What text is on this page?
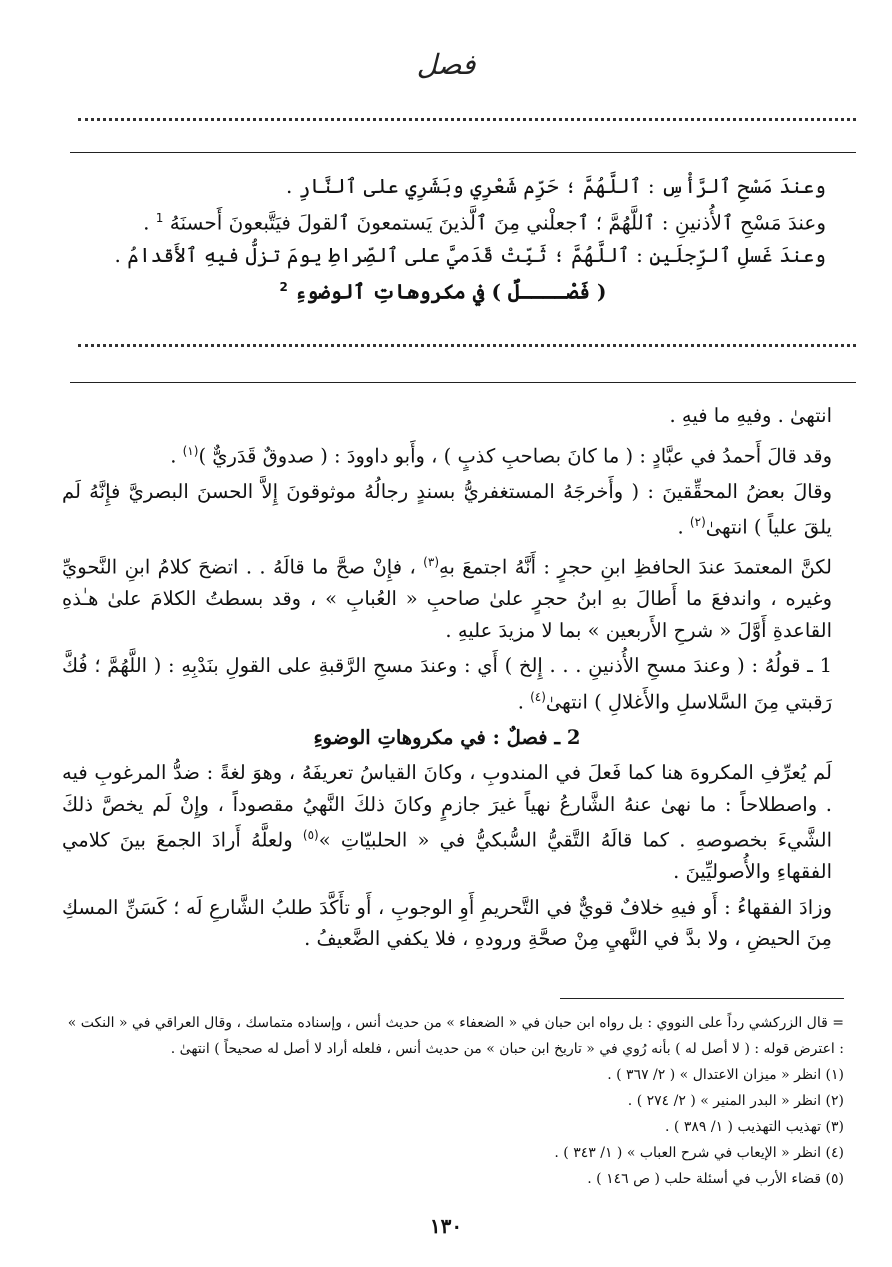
فصل

وعندَ مَسْحِ ٱلرَّأْسِ : ٱللَّهُمَّ ؛ حَرِّم شَعْرِي وبَشَرِي على ٱلنَّارِ .

وعندَ مَسْحِ ٱلأُذنينِ : ٱللَّهُمَّ ؛ ٱجعلْني مِنَ ٱلَّذينَ يَستمعونَ ٱلقولَ فيَتَّبعونَ أَحسنَهُ $^1$ .

وعندَ غَسلِ ٱلرِّجلَينِ : ٱللَّهُمَّ ؛ ثَبِّتْ قَدَميَّ على ٱلصِّراطِ يومَ تزلُّ فيهِ ٱلأَقدامُ .

( فَصْــــلٌ ) في مكروهاتِ ٱلوضوءِ $^2$

انتهىٰ . وفيهِ ما فيهِ .

وقد قالَ أَحمدُ في عبَّادٍ : ( ما كانَ بصاحبِ كذبٍ ) ، وأَبو داوودَ : ( صدوقٌ قَدَريٌّ )$^{(١)}$ .

وقالَ بعضُ المحقِّقينَ : ( وأَخرجَهُ المستغفريُّ بسندٍ رجالُهُ موثوقونَ إِلاَّ الحسنَ البصريَّ فإِنَّهُ لَم يلقَ علياً ) انتهىٰ$^{(٢)}$ .

لكنَّ المعتمدَ عندَ الحافظِ ابنِ حجرٍ : أَنَّهُ اجتمعَ بهِ$^{(٣)}$ ، فإِنْ صحَّ ما قالَهُ . . اتضحَ كلامُ ابنِ النَّحويِّ وغيره ، واندفعَ ما أَطالَ بهِ ابنُ حجرٍ علىٰ صاحبِ « العُبابِ » ، وقد بسطتُ الكلامَ علىٰ هـٰذهِ القاعدةِ أَوَّلَ « شرحِ الأَربعين » بما لا مزيدَ عليهِ .

1 ـ قولُهُ : ( وعندَ مسحِ الأُذنينِ . . . إِلخ ) أَي : وعندَ مسحِ الرَّقبةِ على القولِ بنَدْبِهِ : ( اللَّهُمَّ ؛ فُكَّ رَقبتي مِنَ السَّلاسلِ والأَغلالِ ) انتهىٰ$^{(٤)}$ .

2 ـ فصلٌ : في مكروهاتِ الوضوءِ

لَم يُعرِّفِ المكروهَ هنا كما فَعلَ في المندوبِ ، وكانَ القياسُ تعريفَهُ ، وهوَ لغةً : ضدُّ المرغوبِ فيه . واصطلاحاً : ما نهىٰ عنهُ الشَّارعُ نهياً غيرَ جازمٍ وكانَ ذلكَ النَّهيُ مقصوداً ، وإِنْ لَم يخصَّ ذلكَ الشَّيءَ بخصوصهِ . كما قالَهُ التَّقيُّ السُّبكيُّ في « الحلبيّاتِ »$^{(٥)}$ ولعلَّهُ أَرادَ الجمعَ بينَ كلامي الفقهاءِ والأُصوليِّينَ .

وزادَ الفقهاءُ : أَو فيهِ خلافٌ قويٌّ في التَّحريمِ أَوِ الوجوبِ ، أَو تأَكَّدَ طلبُ الشَّارعِ لَه ؛ كَسَنِّ المسكِ مِنَ الحيضِ ، ولا بدَّ في النَّهيِ مِنْ صحَّةِ ورودهِ ، فلا يكفي الضَّعيفُ .

= قال الزركشي رداً على النووي : بل رواه ابن حبان في « الضعفاء » من حديث أنس ، وإسناده متماسك ، وقال العراقي في « النكت » : اعترض قوله : ( لا أصل له ) بأنه رُوي في « تاريخ ابن حبان » من حديث أنس ، فلعله أراد لا أصل له صحيحاً ) انتهىٰ .

(١) انظر « ميزان الاعتدال » ( ٢/ ٣٦٧ ) .

(٢) انظر « البدر المنير » ( ٢/ ٢٧٤ ) .

(٣) تهذيب التهذيب ( ١/ ٣٨٩ ) .

(٤) انظر « الإيعاب في شرح العباب » ( ١/ ٣٤٣ ) .

(٥) قضاء الأرب في أسئلة حلب ( ص ١٤٦ ) .

١٣٠
